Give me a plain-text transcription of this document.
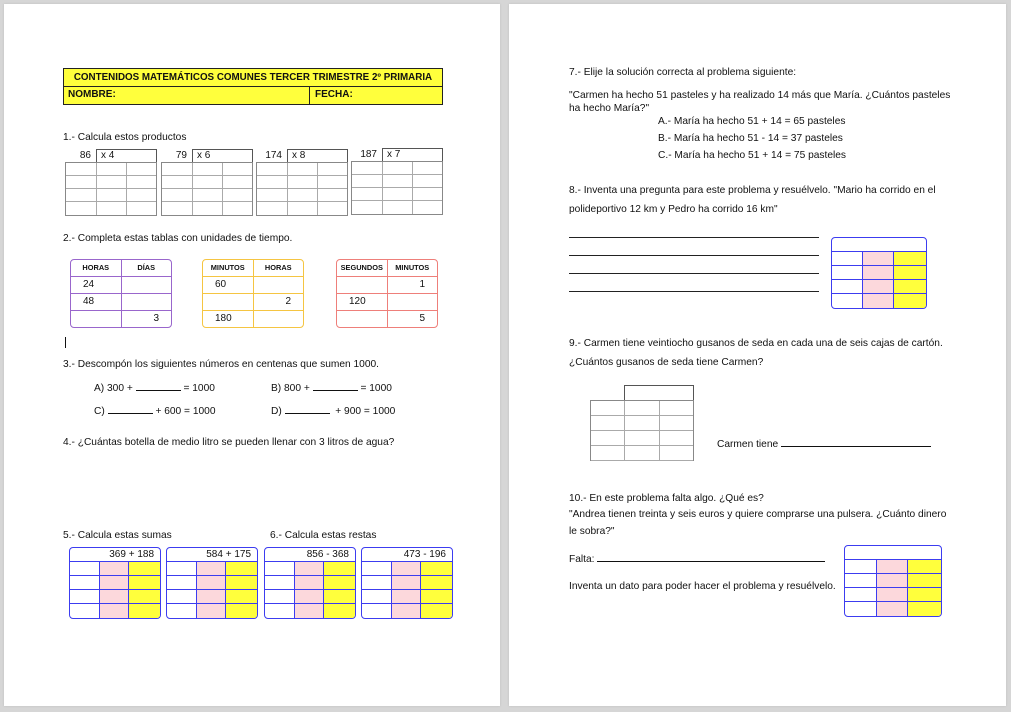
CONTENIDOS MATEMÁTICOS COMUNES TERCER TRIMESTRE 2º PRIMARIA
NOMBRE:	FECHA:
1.- Calcula estos productos
86	x 4	79	x 6	174	x 8	187	x 7
2.- Completa estas tablas con unidades de tiempo.
HORAS	DÍAS
24	
48	
	3
MINUTOS	HORAS
60	
	2
180	
SEGUNDOS	MINUTOS
	1
120	
	5
3.- Descompón los siguientes números en centenas que sumen 1000.
A) 300 +	= 1000	B) 800 +	= 1000
C)	+ 600 = 1000	D)	+ 900 = 1000
4.- ¿Cuántas botella de medio litro se pueden llenar con 3 litros de agua?
5.- Calcula estas sumas	6.- Calcula estas restas
369 + 188	584 + 175	856 - 368	473 - 196
7.- Elije la solución correcta al problema siguiente:
"Carmen ha hecho 51 pasteles y ha realizado 14 más que María. ¿Cuántos pasteles ha hecho María?"
A.- María ha hecho 51 + 14 = 65 pasteles
B.- María ha hecho 51 - 14 = 37 pasteles
C.- María ha hecho 51 + 14 = 75 pasteles
8.- Inventa una pregunta para este problema y resuélvelo. "Mario ha corrido en el
polideportivo 12 km y Pedro ha corrido 16 km"
9.- Carmen tiene veintiocho gusanos de seda en cada una de seis cajas de cartón.
¿Cuántos gusanos de seda tiene Carmen?
Carmen tiene
10.- En este problema falta algo. ¿Qué es?
"Andrea tienen treinta y seis euros y quiere comprarse una pulsera. ¿Cuánto dinero
le sobra?"
Falta:
Inventa un dato para poder hacer el problema y resuélvelo.
